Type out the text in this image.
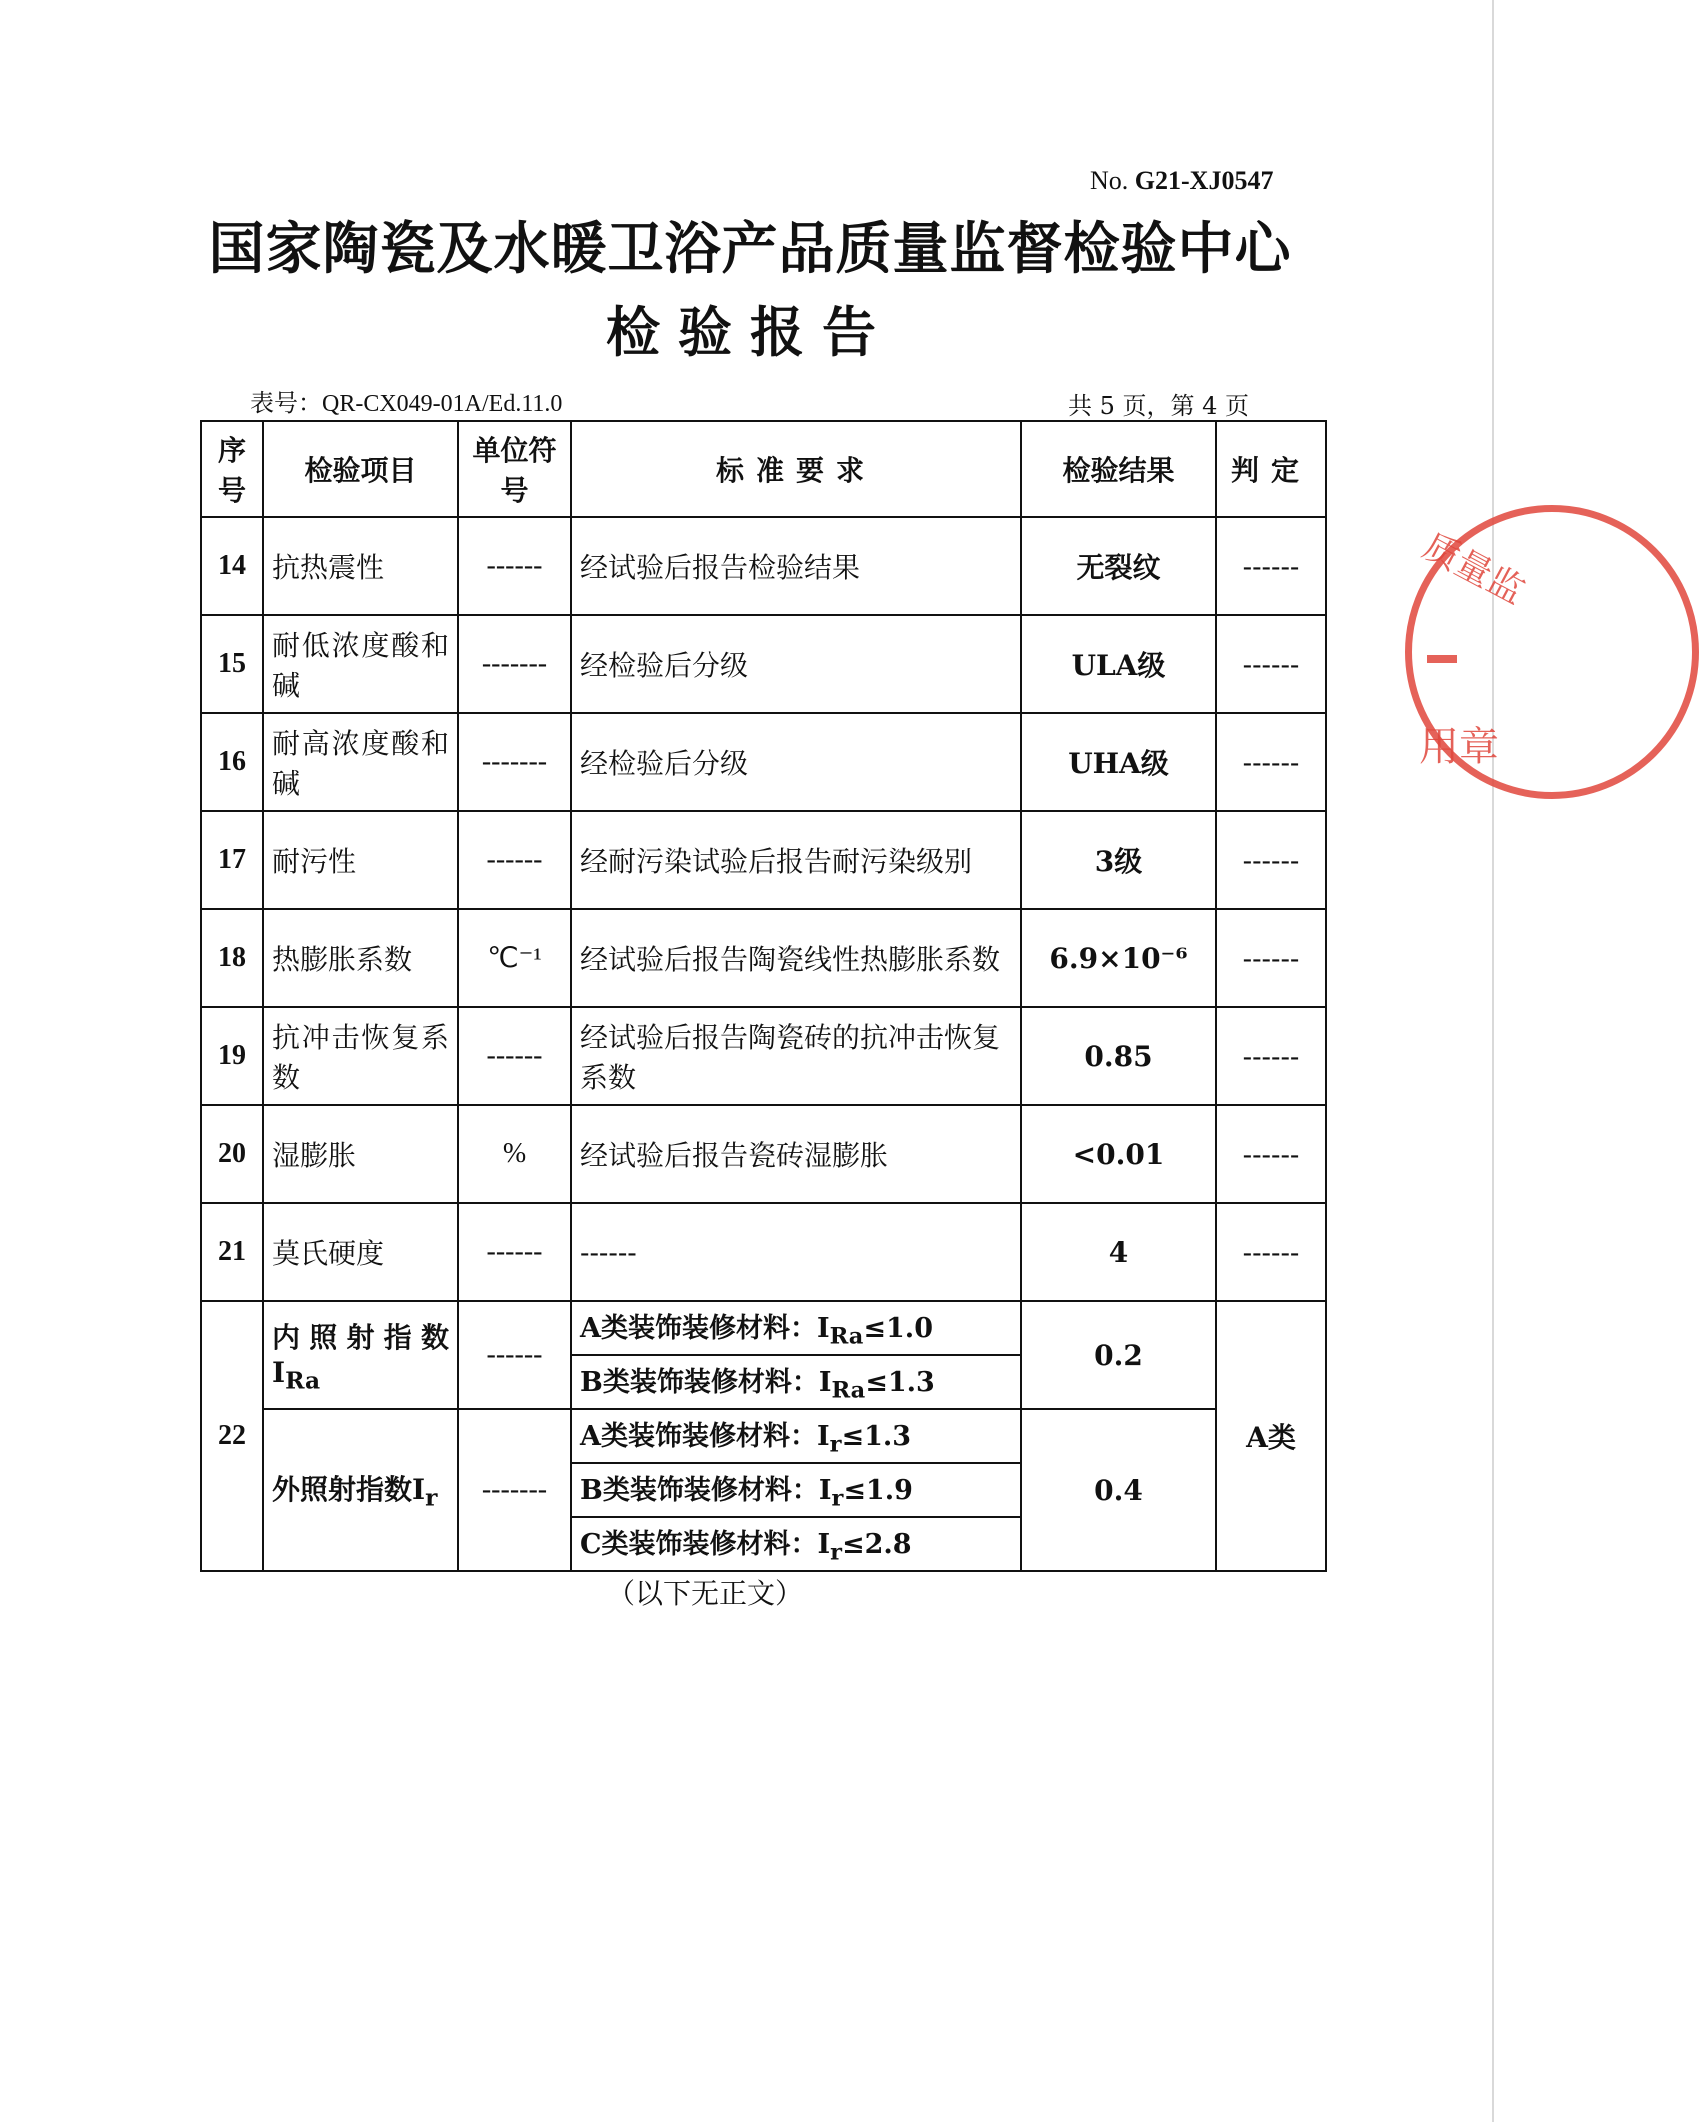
No. G21-XJ0547
国家陶瓷及水暖卫浴产品质量监督检验中心
检验报告
表号：QR-CX049-01A/Ed.11.0	共 5 页，第 4 页
质量监
用章
序号	检验项目	单位符号	标准要求	检验结果	判定
14	抗热震性	------	经试验后报告检验结果	无裂纹	------
15	耐低浓度酸和碱	-------	经检验后分级	ULA级	------
16	耐高浓度酸和碱	-------	经检验后分级	UHA级	------
17	耐污性	------	经耐污染试验后报告耐污染级别	3级	------
18	热膨胀系数	℃⁻¹	经试验后报告陶瓷线性热膨胀系数	6.9×10⁻⁶	------
19	抗冲击恢复系数	------	经试验后报告陶瓷砖的抗冲击恢复系数	0.85	------
20	湿膨胀	%	经试验后报告瓷砖湿膨胀	<0.01	------
21	莫氏硬度	------	------	4	------
22	内照射指数$I_{Ra}$	------	A类装饰装修材料：$I_{Ra}\le 1.0$	0.2	A类
			B类装饰装修材料：$I_{Ra}\le 1.3$		
	外照射指数$I_r$	-------	A类装饰装修材料：$I_r\le 1.3$	0.4	
			B类装饰装修材料：$I_r\le 1.9$		
			C类装饰装修材料：$I_r\le 2.8$		
（以下无正文）
